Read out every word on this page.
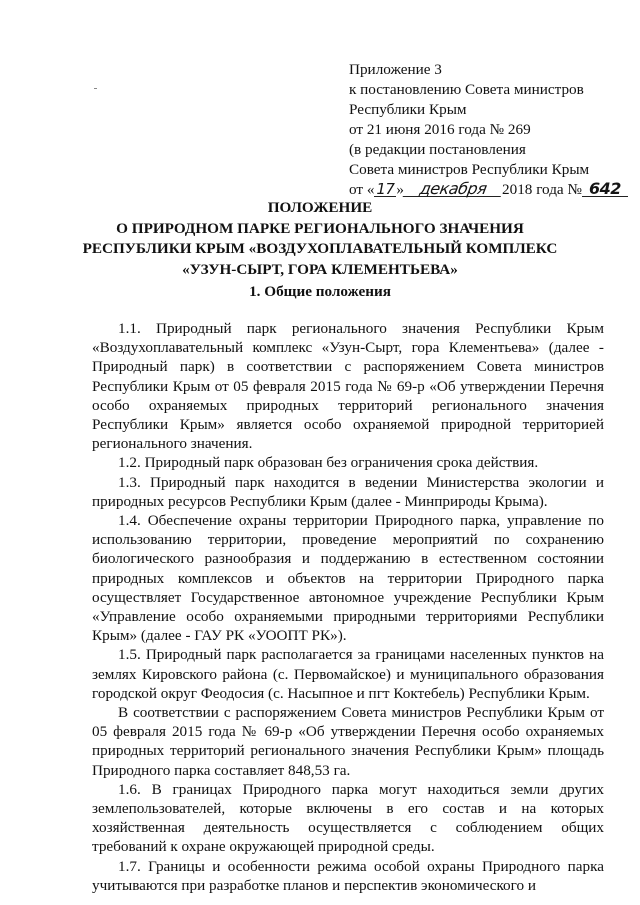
Приложение 3
к постановлению Совета министров
Республики Крым
от 21 июня 2016 года № 269
(в редакции постановления
Совета министров Республики Крым
от « 17 » декабря 2018 года № 642
ПОЛОЖЕНИЕ
О ПРИРОДНОМ ПАРКЕ РЕГИОНАЛЬНОГО ЗНАЧЕНИЯ
РЕСПУБЛИКИ КРЫМ «ВОЗДУХОПЛАВАТЕЛЬНЫЙ КОМПЛЕКС
«УЗУН-СЫРТ, ГОРА КЛЕМЕНТЬЕВА»
1. Общие положения

1.1. Природный парк регионального значения Республики Крым «Воздухоплавательный комплекс «Узун-Сырт, гора Клементьева» (далее - Природный парк) в соответствии с распоряжением Совета министров Республики Крым от 05 февраля 2015 года № 69-р «Об утверждении Перечня особо охраняемых природных территорий регионального значения Республики Крым» является особо охраняемой природной территорией регионального значения.

1.2. Природный парк образован без ограничения срока действия.

1.3. Природный парк находится в ведении Министерства экологии и природных ресурсов Республики Крым (далее - Минприроды Крыма).

1.4. Обеспечение охраны территории Природного парка, управление по использованию территории, проведение мероприятий по сохранению биологического разнообразия и поддержанию в естественном состоянии природных комплексов и объектов на территории Природного парка осуществляет Государственное автономное учреждение Республики Крым «Управление особо охраняемыми природными территориями Республики Крым» (далее - ГАУ РК «УООПТ РК»).

1.5. Природный парк располагается за границами населенных пунктов на землях Кировского района (с. Первомайское) и муниципального образования городской округ Феодосия (с. Насыпное и пгт Коктебель) Республики Крым.

В соответствии с распоряжением Совета министров Республики Крым от 05 февраля 2015 года № 69-р «Об утверждении Перечня особо охраняемых природных территорий регионального значения Республики Крым» площадь Природного парка составляет 848,53 га.

1.6. В границах Природного парка могут находиться земли других землепользователей, которые включены в его состав и на которых хозяйственная деятельность осуществляется с соблюдением общих требований к охране окружающей природной среды.

1.7. Границы и особенности режима особой охраны Природного парка учитываются при разработке планов и перспектив экономического и
